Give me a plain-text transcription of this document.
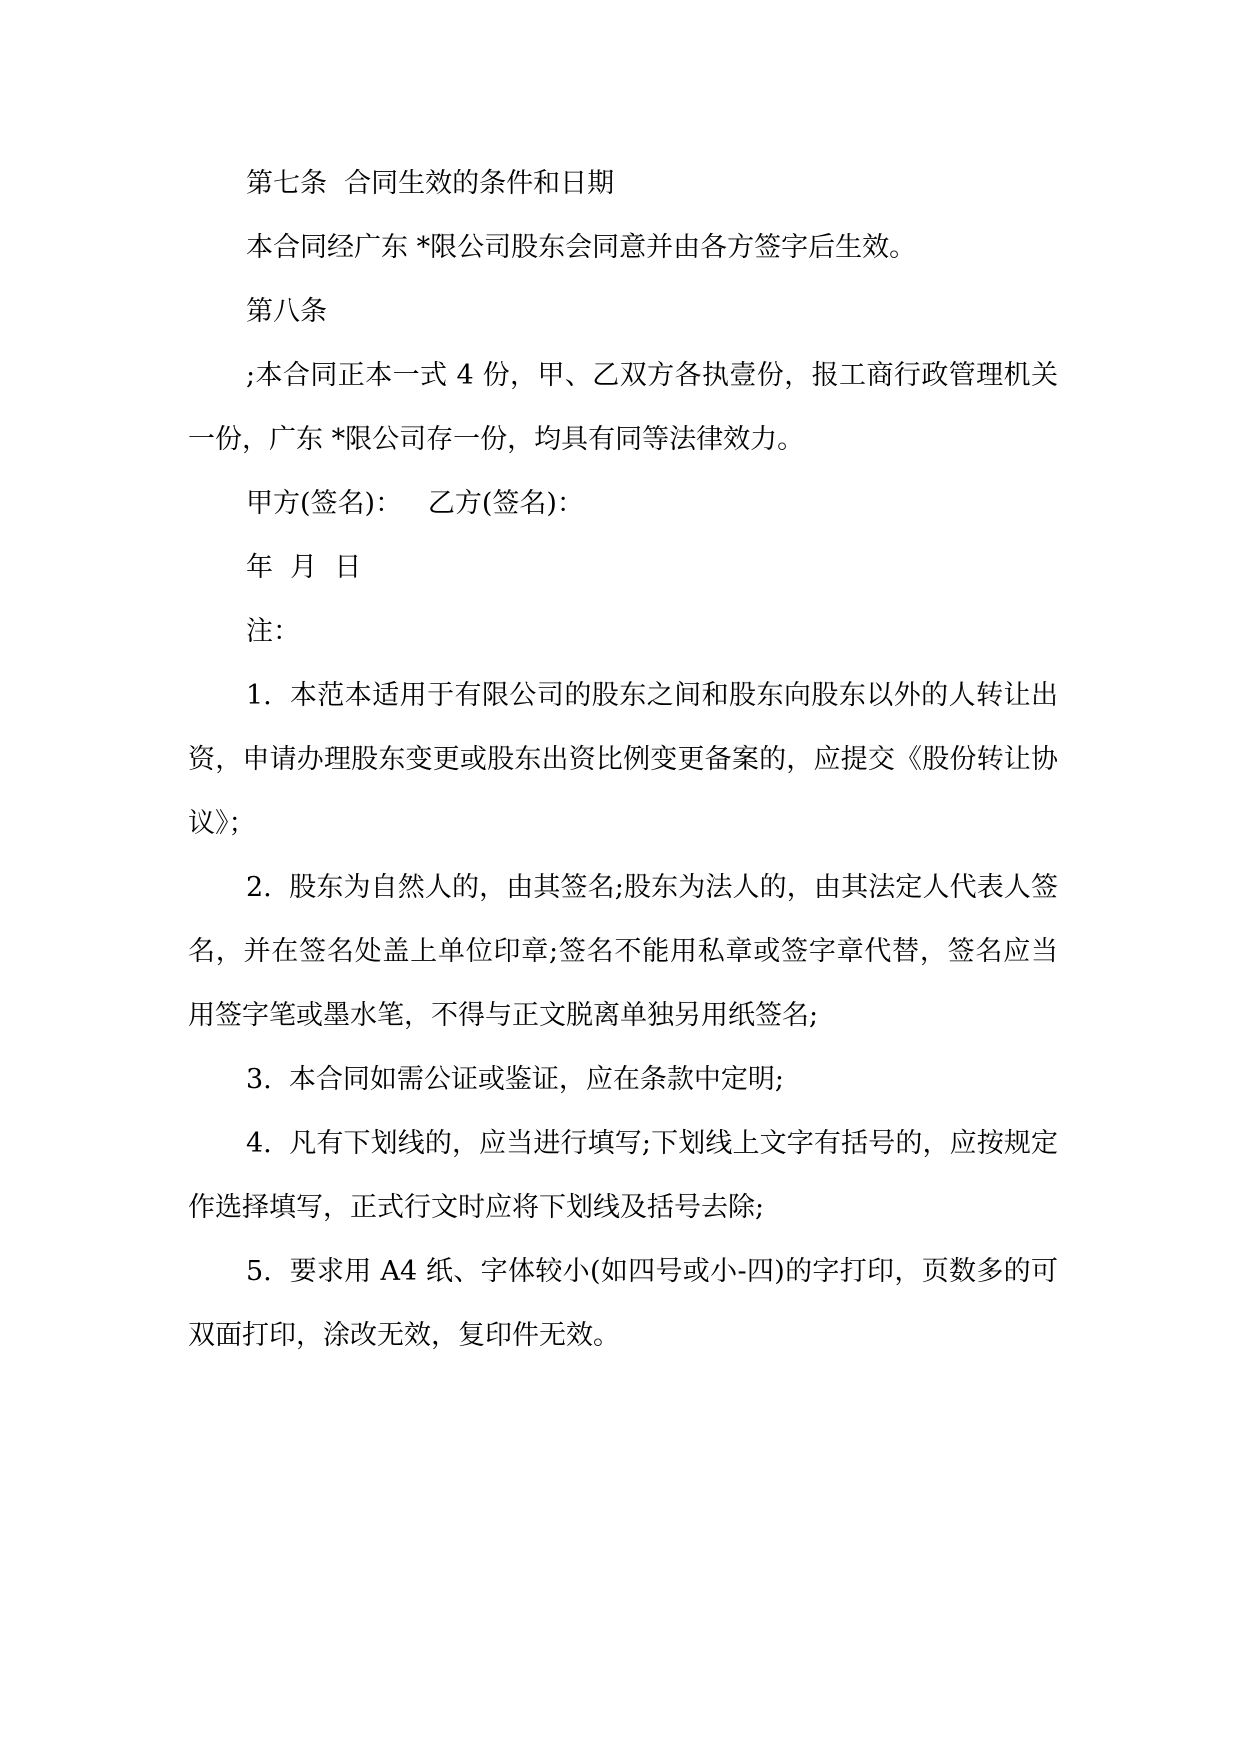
第七条  合同生效的条件和日期

本合同经广东 *限公司股东会同意并由各方签字后生效。

第八条

;本合同正本一式 4 份，甲、乙双方各执壹份，报工商行政管理机关一份，广东 *限公司存一份，均具有同等法律效力。

甲方(签名)：   乙方(签名)：

年  月  日

注：

1.  本范本适用于有限公司的股东之间和股东向股东以外的人转让出资，申请办理股东变更或股东出资比例变更备案的，应提交《股份转让协议》；

2.  股东为自然人的，由其签名;股东为法人的，由其法定人代表人签名，并在签名处盖上单位印章;签名不能用私章或签字章代替，签名应当用签字笔或墨水笔，不得与正文脱离单独另用纸签名;

3.  本合同如需公证或鉴证，应在条款中定明;

4.  凡有下划线的，应当进行填写;下划线上文字有括号的，应按规定作选择填写，正式行文时应将下划线及括号去除;

5.  要求用 A4 纸、字体较小(如四号或小-四)的字打印，页数多的可双面打印，涂改无效，复印件无效。
